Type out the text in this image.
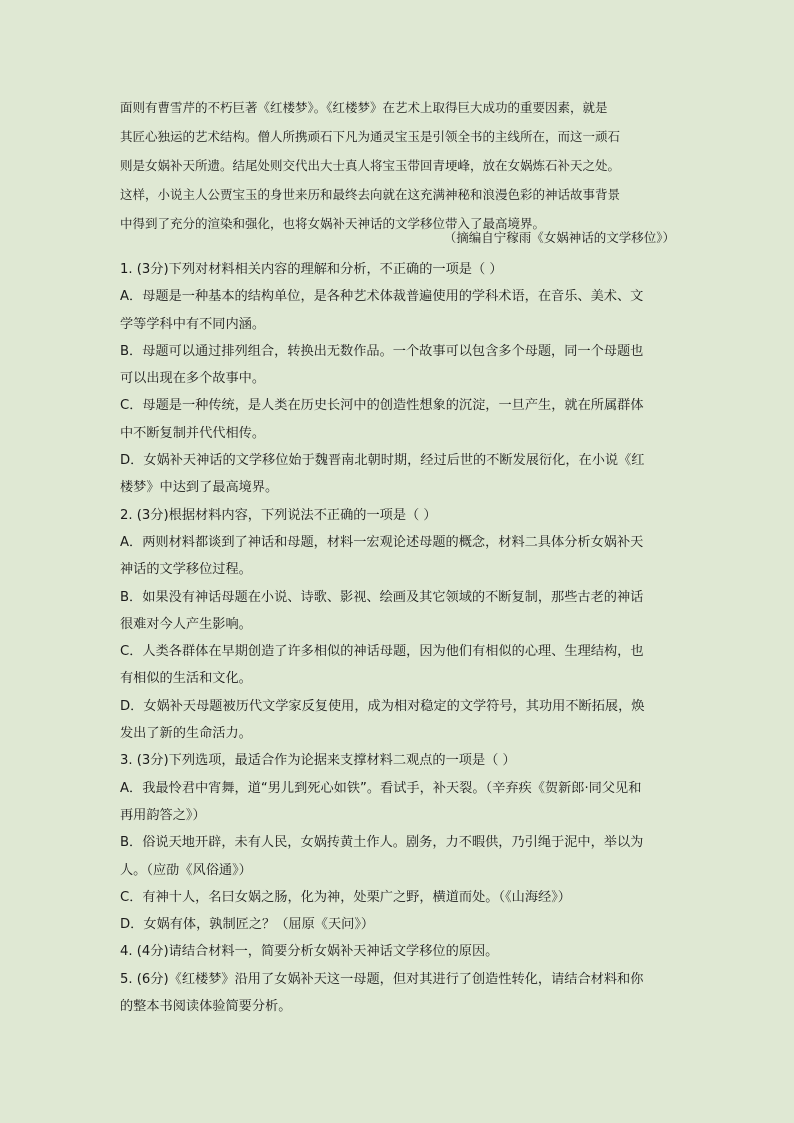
面则有曹雪芹的不朽巨著《红楼梦》。《红楼梦》在艺术上取得巨大成功的重要因素，就是
其匠心独运的艺术结构。僧人所携顽石下凡为通灵宝玉是引领全书的主线所在，而这一顽石
则是女娲补天所遗。结尾处则交代出大士真人将宝玉带回青埂峰，放在女娲炼石补天之处。
这样，小说主人公贾宝玉的身世来历和最终去向就在这充满神秘和浪漫色彩的神话故事背景
中得到了充分的渲染和强化，也将女娲补天神话的文学移位带入了最高境界。
（摘编自宁稼雨《女娲神话的文学移位》）
1. (3分)下列对材料相关内容的理解和分析，不正确的一项是（ ）
A．母题是一种基本的结构单位，是各种艺术体裁普遍使用的学科术语，在音乐、美术、文
学等学科中有不同内涵。
B．母题可以通过排列组合，转换出无数作品。一个故事可以包含多个母题，同一个母题也
可以出现在多个故事中。
C．母题是一种传统，是人类在历史长河中的创造性想象的沉淀，一旦产生，就在所属群体
中不断复制并代代相传。
D．女娲补天神话的文学移位始于魏晋南北朝时期，经过后世的不断发展衍化，在小说《红
楼梦》中达到了最高境界。
2. (3分)根据材料内容，下列说法不正确的一项是（ ）
A．两则材料都谈到了神话和母题，材料一宏观论述母题的概念，材料二具体分析女娲补天
神话的文学移位过程。
B．如果没有神话母题在小说、诗歌、影视、绘画及其它领域的不断复制，那些古老的神话
很难对今人产生影响。
C．人类各群体在早期创造了许多相似的神话母题，因为他们有相似的心理、生理结构，也
有相似的生活和文化。
D．女娲补天母题被历代文学家反复使用，成为相对稳定的文学符号，其功用不断拓展，焕
发出了新的生命活力。
3. (3分)下列选项，最适合作为论据来支撑材料二观点的一项是（ ）
A．我最怜君中宵舞，道“男儿到死心如铁”。看试手，补天裂。（辛弃疾《贺新郎·同父见和
再用韵答之》）
B．俗说天地开辟，未有人民，女娲抟黄土作人。剧务，力不暇供，乃引绳于泥中，举以为
人。（应劭《风俗通》）
C．有神十人，名曰女娲之肠，化为神，处栗广之野，横道而处。（《山海经》）
D．女娲有体，孰制匠之？（屈原《天问》）
4. (4分)请结合材料一，简要分析女娲补天神话文学移位的原因。
5. (6分)《红楼梦》沿用了女娲补天这一母题，但对其进行了创造性转化，请结合材料和你
的整本书阅读体验简要分析。
